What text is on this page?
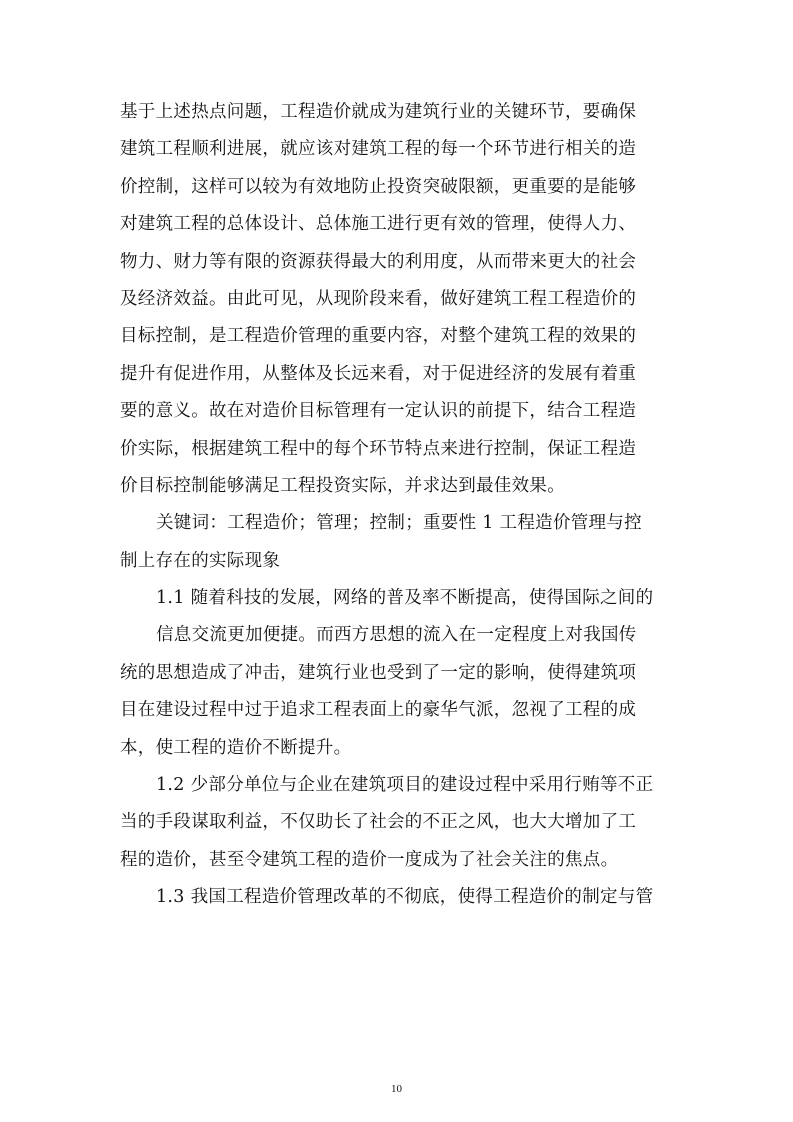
基于上述热点问题，工程造价就成为建筑行业的关键环节，要确保
建筑工程顺利进展，就应该对建筑工程的每一个环节进行相关的造
价控制，这样可以较为有效地防止投资突破限额，更重要的是能够
对建筑工程的总体设计、总体施工进行更有效的管理，使得人力、
物力、财力等有限的资源获得最大的利用度，从而带来更大的社会
及经济效益。由此可见，从现阶段来看，做好建筑工程工程造价的
目标控制，是工程造价管理的重要内容，对整个建筑工程的效果的
提升有促进作用，从整体及长远来看，对于促进经济的发展有着重
要的意义。故在对造价目标管理有一定认识的前提下，结合工程造
价实际，根据建筑工程中的每个环节特点来进行控制，保证工程造
价目标控制能够满足工程投资实际，并求达到最佳效果。
关键词：工程造价；管理；控制；重要性 1 工程造价管理与控
制上存在的实际现象
1.1 随着科技的发展，网络的普及率不断提高，使得国际之间的
信息交流更加便捷。而西方思想的流入在一定程度上对我国传
统的思想造成了冲击，建筑行业也受到了一定的影响，使得建筑项
目在建设过程中过于追求工程表面上的豪华气派，忽视了工程的成
本，使工程的造价不断提升。
1.2 少部分单位与企业在建筑项目的建设过程中采用行贿等不正
当的手段谋取利益，不仅助长了社会的不正之风，也大大增加了工
程的造价，甚至令建筑工程的造价一度成为了社会关注的焦点。
1.3 我国工程造价管理改革的不彻底，使得工程造价的制定与管
10
